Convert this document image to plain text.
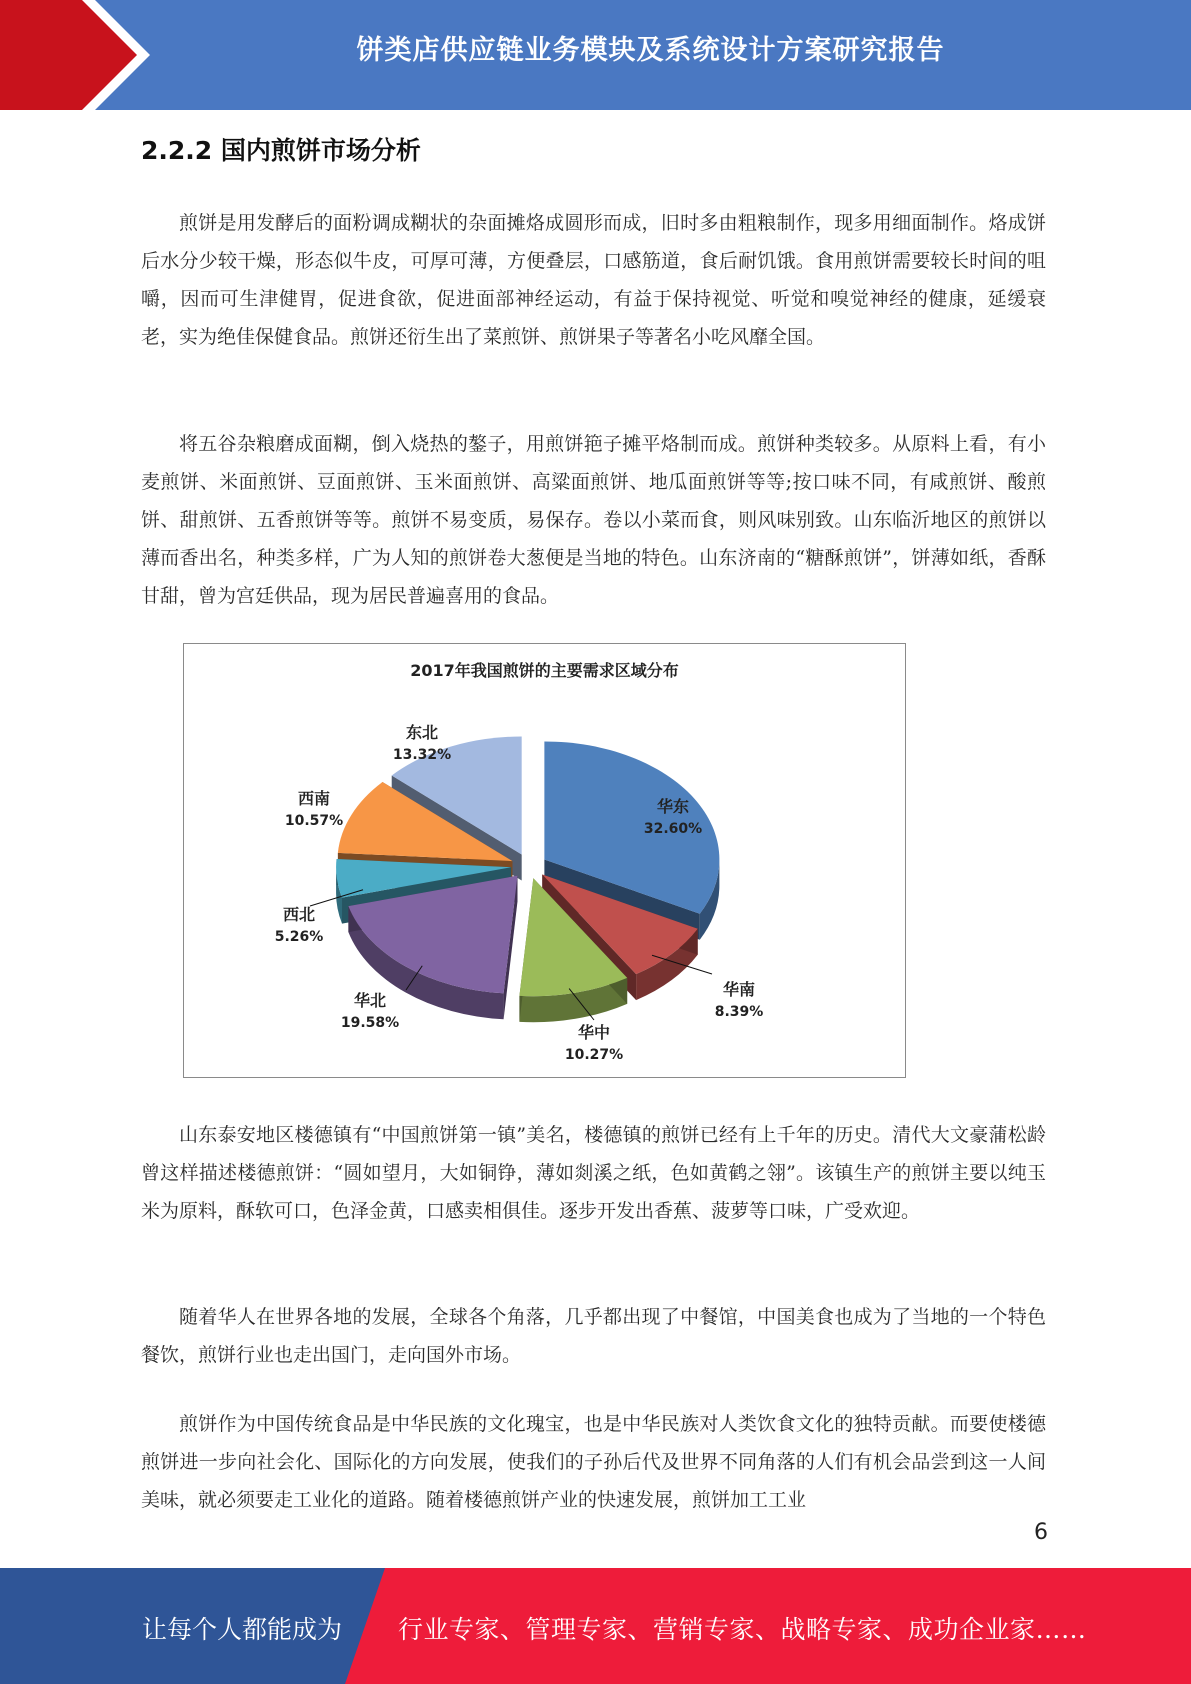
饼类店供应链业务模块及系统设计方案研究报告
2.2.2 国内煎饼市场分析
煎饼是用发酵后的面粉调成糊状的杂面摊烙成圆形而成，旧时多由粗粮制作，现多用细面制作。烙成饼后水分少较干燥，形态似牛皮，可厚可薄，方便叠层，口感筋道，食后耐饥饿。食用煎饼需要较长时间的咀嚼，因而可生津健胃，促进食欲，促进面部神经运动，有益于保持视觉、听觉和嗅觉神经的健康，延缓衰老，实为绝佳保健食品。煎饼还衍生出了菜煎饼、煎饼果子等著名小吃风靡全国。
将五谷杂粮磨成面糊，倒入烧热的鏊子，用煎饼筢子摊平烙制而成。煎饼种类较多。从原料上看，有小麦煎饼、米面煎饼、豆面煎饼、玉米面煎饼、高粱面煎饼、地瓜面煎饼等等;按口味不同，有咸煎饼、酸煎饼、甜煎饼、五香煎饼等等。煎饼不易变质，易保存。卷以小菜而食，则风味别致。山东临沂地区的煎饼以薄而香出名，种类多样，广为人知的煎饼卷大葱便是当地的特色。山东济南的“糖酥煎饼”，饼薄如纸，香酥甘甜，曾为宫廷供品，现为居民普遍喜用的食品。
2017年我国煎饼的主要需求区域分布
华东
32.60%
华南
8.39%
华中
10.27%
华北
19.58%
西北
5.26%
西南
10.57%
东北
13.32%
山东泰安地区楼德镇有“中国煎饼第一镇”美名，楼德镇的煎饼已经有上千年的历史。清代大文豪蒲松龄曾这样描述楼德煎饼：“圆如望月，大如铜铮，薄如剡溪之纸，色如黄鹤之翎”。该镇生产的煎饼主要以纯玉米为原料，酥软可口，色泽金黄，口感卖相俱佳。逐步开发出香蕉、菠萝等口味，广受欢迎。
随着华人在世界各地的发展，全球各个角落，几乎都出现了中餐馆，中国美食也成为了当地的一个特色餐饮，煎饼行业也走出国门，走向国外市场。
煎饼作为中国传统食品是中华民族的文化瑰宝，也是中华民族对人类饮食文化的独特贡献。而要使楼德煎饼进一步向社会化、国际化的方向发展，使我们的子孙后代及世界不同角落的人们有机会品尝到这一人间美味，就必须要走工业化的道路。随着楼德煎饼产业的快速发展，煎饼加工工业
6
让每个人都能成为 行业专家、管理专家、营销专家、战略专家、成功企业家……
